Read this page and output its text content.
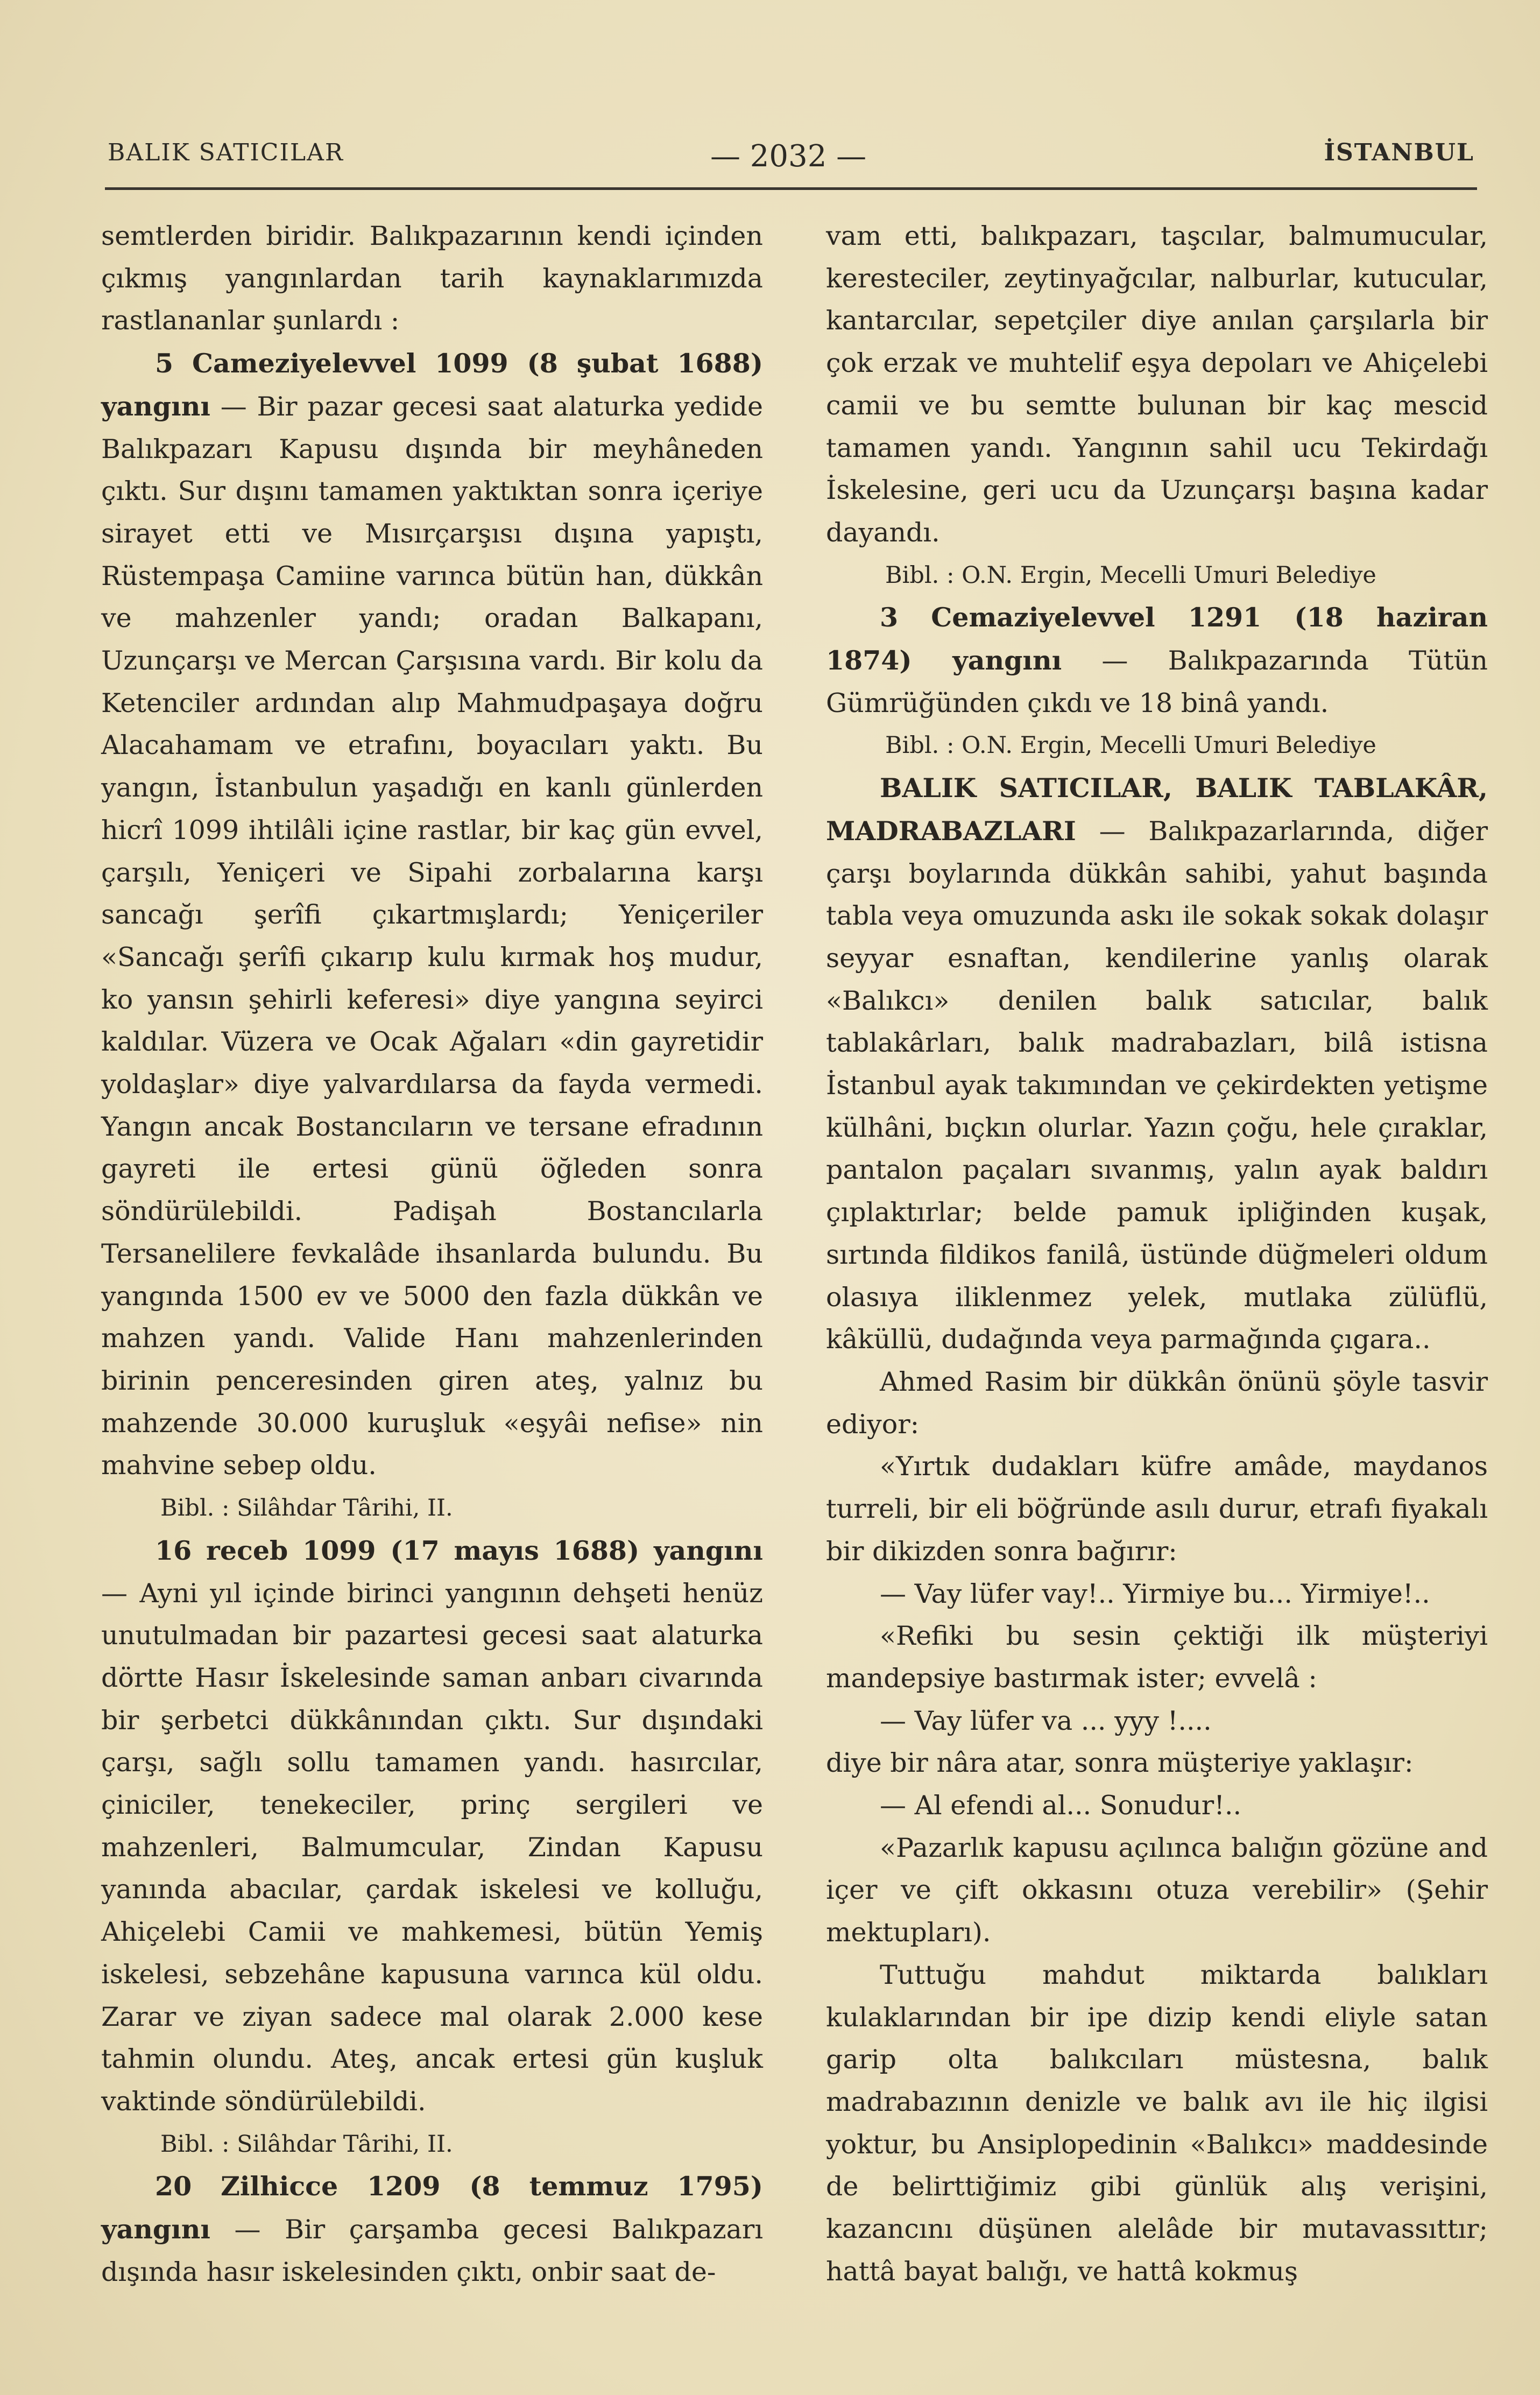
BALIK SATICILAR	— 2032 —	İSTANBUL

semtlerden biridir. Balıkpazarının kendi içinden çıkmış yangınlardan tarih kaynaklarımızda rastlananlar şunlardı :

5 Cameziyelevvel 1099 (8 şubat 1688) yangını — Bir pazar gecesi saat alaturka yedide Balıkpazarı Kapusu dışında bir meyhâneden çıktı. Sur dışını tamamen yaktıktan sonra içeriye sirayet etti ve Mısırçarşısı dışına yapıştı, Rüstempaşa Camiine varınca bütün han, dükkân ve mahzenler yandı; oradan Balkapanı, Uzunçarşı ve Mercan Çarşısına vardı. Bir kolu da Ketenciler ardından alıp Mahmudpaşaya doğru Alacahamam ve etrafını, boyacıları yaktı. Bu yangın, İstanbulun yaşadığı en kanlı günlerden hicrî 1099 ihtilâli içine rastlar, bir kaç gün evvel, çarşılı, Yeniçeri ve Sipahi zorbalarına karşı sancağı şerîfi çıkartmışlardı; Yeniçeriler «Sancağı şerîfi çıkarıp kulu kırmak hoş mudur, ko yansın şehirli keferesi» diye yangına seyirci kaldılar. Vüzera ve Ocak Ağaları «din gayretidir yoldaşlar» diye yalvardılarsa da fayda vermedi. Yangın ancak Bostancıların ve tersane efradının gayreti ile ertesi günü öğleden sonra söndürülebildi. Padişah Bostancılarla Tersanelilere fevkalâde ihsanlarda bulundu. Bu yangında 1500 ev ve 5000 den fazla dükkân ve mahzen yandı. Valide Hanı mahzenlerinden birinin penceresinden giren ateş, yalnız bu mahzende 30.000 kuruşluk «eşyâi nefise» nin mahvine sebep oldu.

Bibl. : Silâhdar Târihi, II.

16 receb 1099 (17 mayıs 1688) yangını — Ayni yıl içinde birinci yangının dehşeti henüz unutulmadan bir pazartesi gecesi saat alaturka dörtte Hasır İskelesinde saman anbarı civarında bir şerbetci dükkânından çıktı. Sur dışındaki çarşı, sağlı sollu tamamen yandı. hasırcılar, çiniciler, tenekeciler, prinç sergileri ve mahzenleri, Balmumcular, Zindan Kapusu yanında abacılar, çardak iskelesi ve kolluğu, Ahiçelebi Camii ve mahkemesi, bütün Yemiş iskelesi, sebzehâne kapusuna varınca kül oldu. Zarar ve ziyan sadece mal olarak 2.000 kese tahmin olundu. Ateş, ancak ertesi gün kuşluk vaktinde söndürülebildi.

Bibl. : Silâhdar Târihi, II.

20 Zilhicce 1209 (8 temmuz 1795) yangını — Bir çarşamba gecesi Balıkpazarı dışında hasır iskelesinden çıktı, onbir saat de-

vam etti, balıkpazarı, taşcılar, balmumucular, keresteciler, zeytinyağcılar, nalburlar, kutucular, kantarcılar, sepetçiler diye anılan çarşılarla bir çok erzak ve muhtelif eşya depoları ve Ahiçelebi camii ve bu semtte bulunan bir kaç mescid tamamen yandı. Yangının sahil ucu Tekirdağı İskelesine, geri ucu da Uzunçarşı başına kadar dayandı.

Bibl. : O.N. Ergin, Mecelli Umuri Belediye

3 Cemaziyelevvel 1291 (18 haziran 1874) yangını — Balıkpazarında Tütün Gümrüğünden çıkdı ve 18 binâ yandı.

Bibl. : O.N. Ergin, Mecelli Umuri Belediye

BALIK SATICILAR, BALIK TABLAKÂR, MADRABAZLARI — Balıkpazarlarında, diğer çarşı boylarında dükkân sahibi, yahut başında tabla veya omuzunda askı ile sokak sokak dolaşır seyyar esnaftan, kendilerine yanlış olarak «Balıkcı» denilen balık satıcılar, balık tablakârları, balık madrabazları, bilâ istisna İstanbul ayak takımından ve çekirdekten yetişme külhâni, bıçkın olurlar. Yazın çoğu, hele çıraklar, pantalon paçaları sıvanmış, yalın ayak baldırı çıplaktırlar; belde pamuk ipliğinden kuşak, sırtında fildikos fanilâ, üstünde düğmeleri oldum olasıya iliklenmez yelek, mutlaka zülüflü, kâküllü, dudağında veya parmağında çıgara..

Ahmed Rasim bir dükkân önünü şöyle tasvir ediyor:

«Yırtık dudakları küfre amâde, maydanos turreli, bir eli böğründe asılı durur, etrafı fiyakalı bir dikizden sonra bağırır:

— Vay lüfer vay!.. Yirmiye bu... Yirmiye!..

«Refiki bu sesin çektiği ilk müşteriyi mandepsiye bastırmak ister; evvelâ :

— Vay lüfer va ... yyy !....

diye bir nâra atar, sonra müşteriye yaklaşır:

— Al efendi al... Sonudur!..

«Pazarlık kapusu açılınca balığın gözüne and içer ve çift okkasını otuza verebilir» (Şehir mektupları).

Tuttuğu mahdut miktarda balıkları kulaklarından bir ipe dizip kendi eliyle satan garip olta balıkcıları müstesna, balık madrabazının denizle ve balık avı ile hiç ilgisi yoktur, bu Ansiplopedinin «Balıkcı» maddesinde de belirttiğimiz gibi günlük alış verişini, kazancını düşünen alelâde bir mutavassıttır; hattâ bayat balığı, ve hattâ kokmuş
